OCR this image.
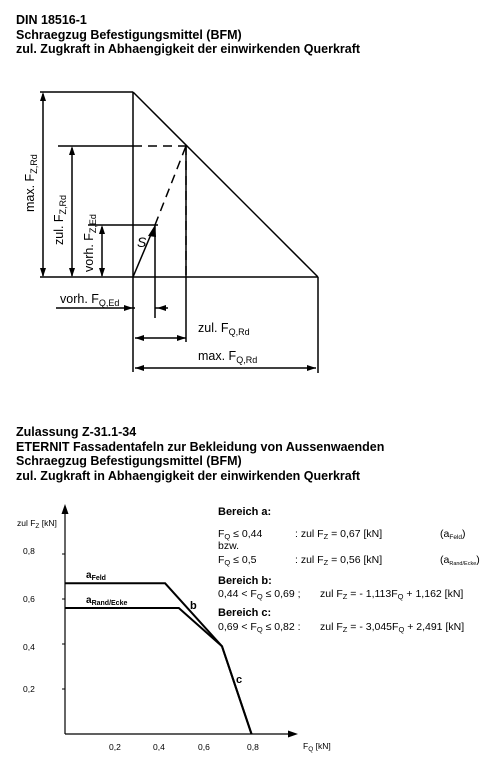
DIN 18516-1
Schraegzug Befestigungsmittel (BFM)
zul. Zugkraft in Abhaengigkeit der einwirkenden Querkraft
max. $F_{Z,Rd}$
zul. $F_{Z,Rd}$
vorh. $F_{Z,Ed}$
S
vorh. $F_{Q,Ed}$
zul. $F_{Q,Rd}$
max. $F_{Q,Rd}$
Zulassung Z-31.1-34
ETERNIT Fassadentafeln zur Bekleidung von Aussenwaenden
Schraegzug Befestigungsmittel (BFM)
zul. Zugkraft in Abhaengigkeit der einwirkenden Querkraft
0,8
0,6
0,4
0,2
0,2	0,4	0,6	0,8
zul $F_Z$ [kN]
$F_Q$ [kN]
$a_{Feld}$
$a_{Rand/Ecke}$	b
c
Bereich a:
FQ ≤ 0,44	: zul FZ = 0,67 [kN]	(aFeld)
bzw.
FQ ≤ 0,5	: zul FZ = 0,56 [kN]	(aRand/Ecke)
Bereich b:
0,44 < FQ ≤ 0,69 ; zul FZ = - 1,113FQ + 1,162 [kN]
Bereich c:
0,69 < FQ ≤ 0,82 : zul FZ = - 3,045FQ + 2,491 [kN]
